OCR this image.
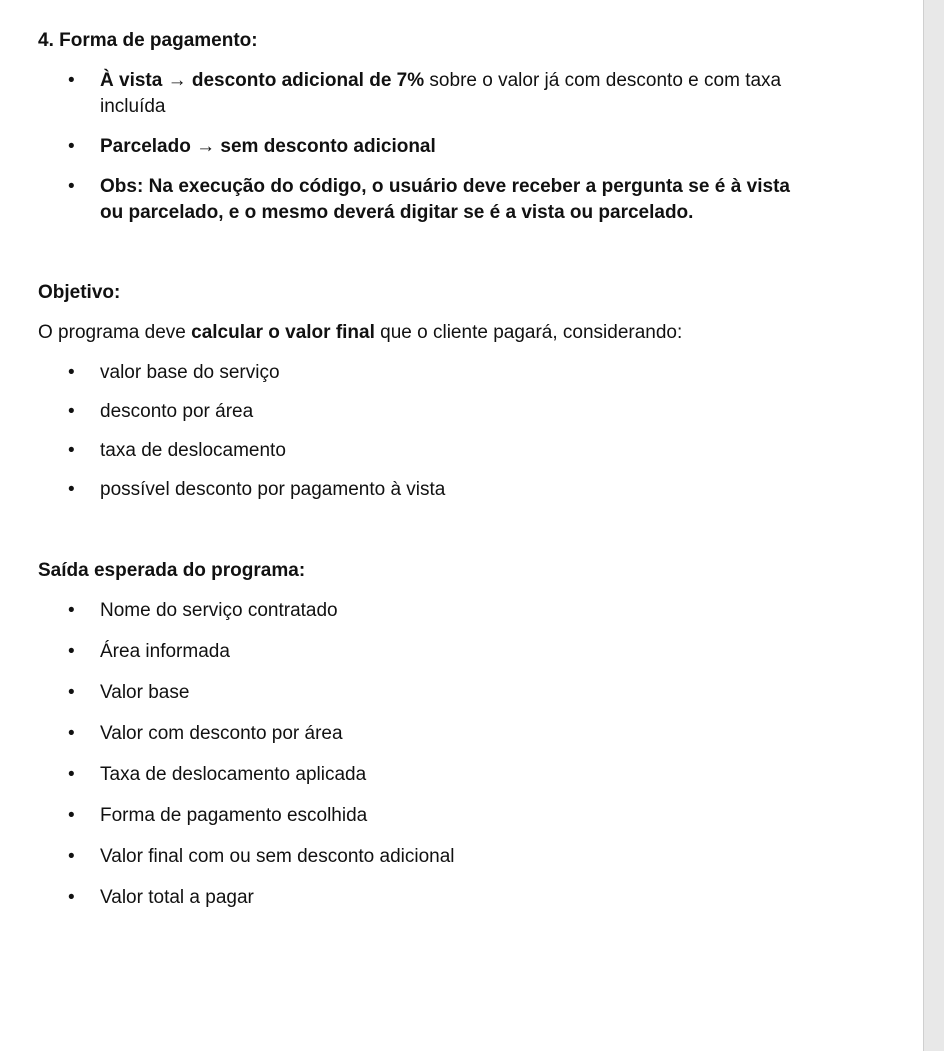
4. Forma de pagamento:

• À vista → desconto adicional de 7% sobre o valor já com desconto e com taxa incluída
• Parcelado → sem desconto adicional
• Obs: Na execução do código, o usuário deve receber a pergunta se é à vista ou parcelado, e o mesmo deverá digitar se é a vista ou parcelado.

Objetivo:

O programa deve calcular o valor final que o cliente pagará, considerando:

• valor base do serviço
• desconto por área
• taxa de deslocamento
• possível desconto por pagamento à vista

Saída esperada do programa:

• Nome do serviço contratado
• Área informada
• Valor base
• Valor com desconto por área
• Taxa de deslocamento aplicada
• Forma de pagamento escolhida
• Valor final com ou sem desconto adicional
• Valor total a pagar
